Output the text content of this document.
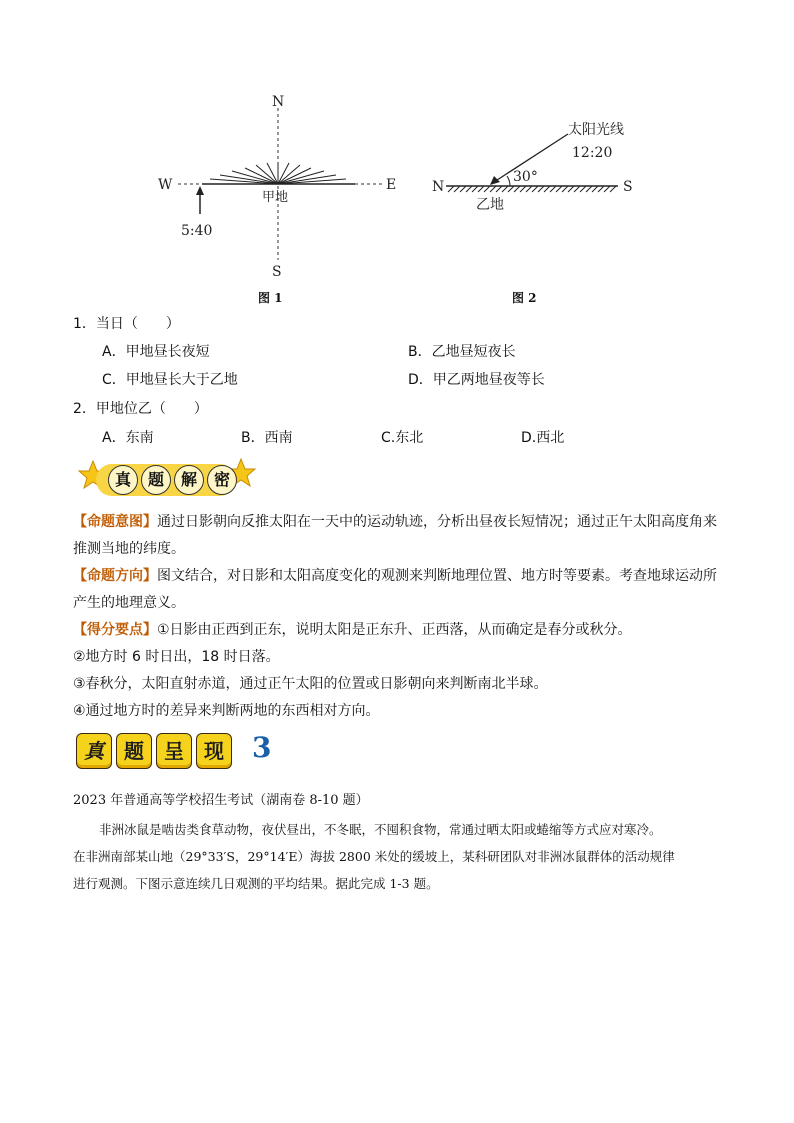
N
S
W	E
甲地
5:40
图 1
太阳光线
12:20
30°
N	S
乙地
图 2
1．当日（　　）
A．甲地昼长夜短	B．乙地昼短夜长
C．甲地昼长大于乙地	D．甲乙两地昼夜等长
2．甲地位乙（　　）
A．东南	B．西南	C.东北	D.西北
真	题	解	密
【命题意图】通过日影朝向反推太阳在一天中的运动轨迹，分析出昼夜长短情况；通过正午太阳高度角来
推测当地的纬度。
【命题方向】图文结合，对日影和太阳高度变化的观测来判断地理位置、地方时等要素。考查地球运动所
产生的地理意义。
【得分要点】①日影由正西到正东，说明太阳是正东升、正西落，从而确定是春分或秋分。
②地方时 6 时日出，18 时日落。
③春秋分，太阳直射赤道，通过正午太阳的位置或日影朝向来判断南北半球。
④通过地方时的差异来判断两地的东西相对方向。
真	题	呈	现 3
2023 年普通高等学校招生考试（湖南卷 8-10 题）
非洲冰鼠是啮齿类食草动物，夜伏昼出，不冬眠，不囤积食物，常通过晒太阳或蜷缩等方式应对寒冷。
在非洲南部某山地（29°33′S，29°14′E）海拔 2800 米处的缓坡上，某科研团队对非洲冰鼠群体的活动规律
进行观测。下图示意连续几日观测的平均结果。据此完成 1-3 题。
